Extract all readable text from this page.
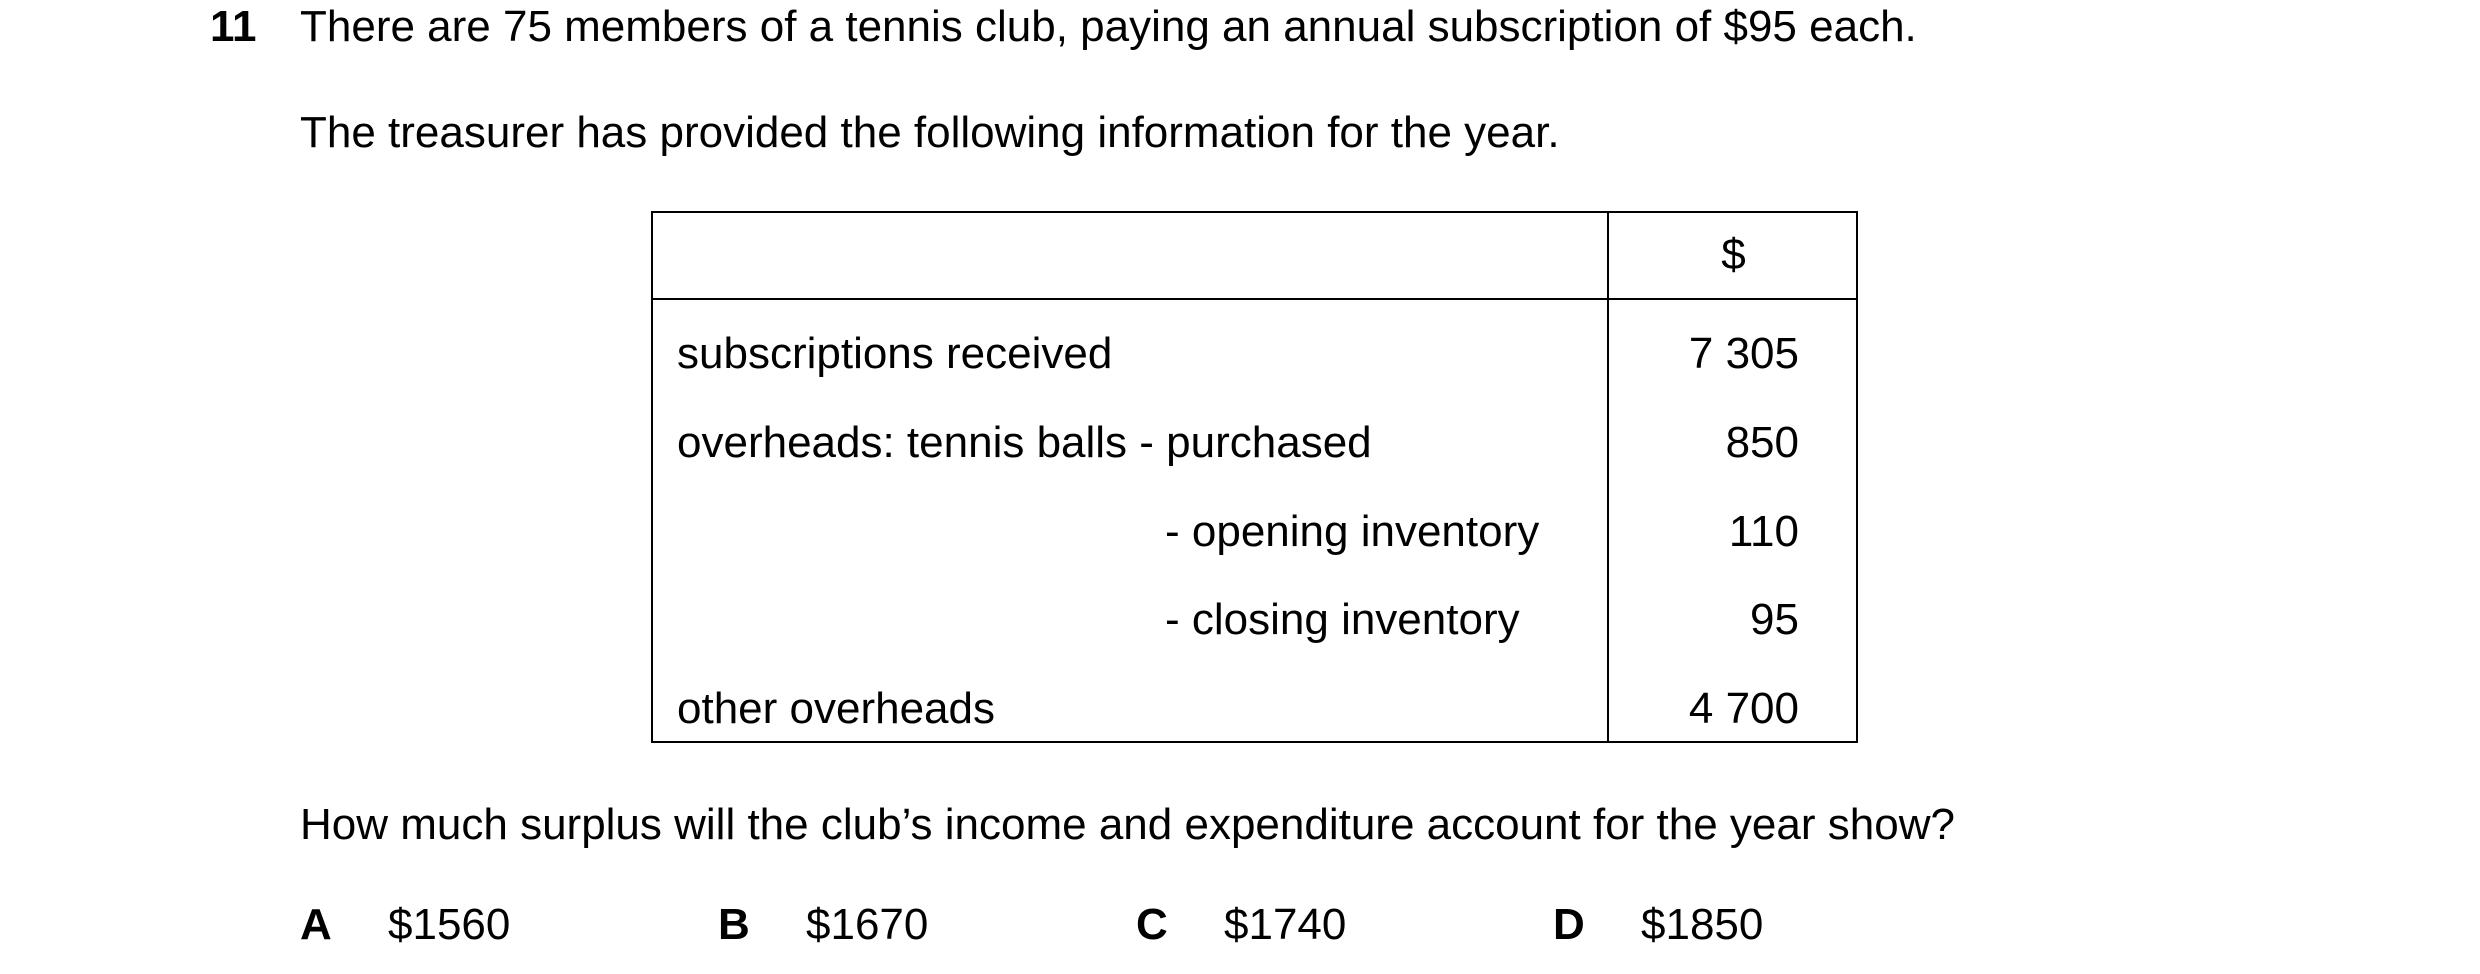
11 There are 75 members of a tennis club, paying an annual subscription of $95 each.
The treasurer has provided the following information for the year.
$
subscriptions received	7 305
overheads: tennis balls - purchased	850
- opening inventory	110
- closing inventory	95
other overheads	4 700
How much surplus will the club’s income and expenditure account for the year show?
A $1560	B $1670	C $1740	D $1850
